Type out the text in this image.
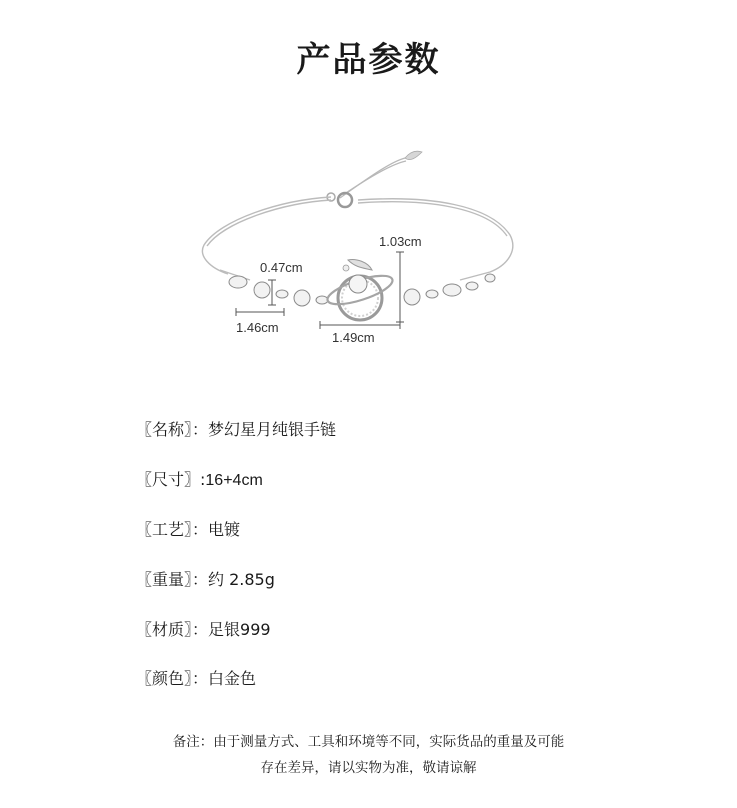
产品参数
0.47cm
1.46cm
1.03cm
1.49cm
〖名称〗：梦幻星月纯银手链
〖尺寸〗:16+4cm
〖工艺〗：电镀
〖重量〗：约 2.85g
〖材质〗：足银999
〖颜色〗：白金色
备注：由于测量方式、工具和环境等不同，实际货品的重量及可能
存在差异，请以实物为准，敬请谅解
